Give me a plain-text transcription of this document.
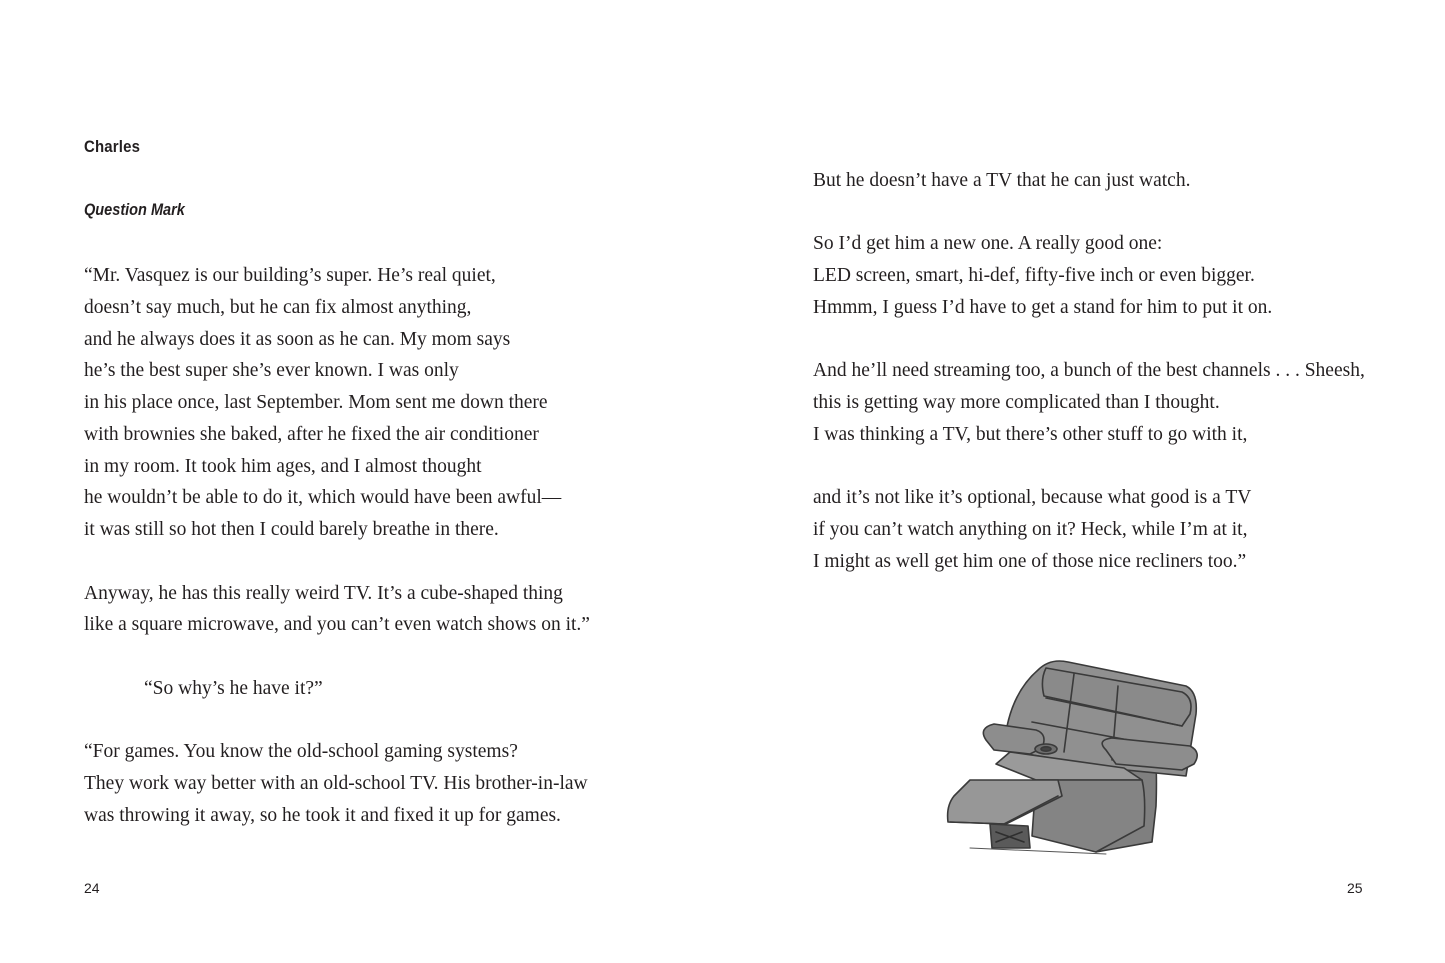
Charles
Question Mark
“Mr. Vasquez is our building’s super. He’s real quiet,
doesn’t say much, but he can fix almost anything,
and he always does it as soon as he can. My mom says
he’s the best super she’s ever known. I was only
in his place once, last September. Mom sent me down there
with brownies she baked, after he fixed the air conditioner
in my room. It took him ages, and I almost thought
he wouldn’t be able to do it, which would have been awful—
it was still so hot then I could barely breathe in there.
Anyway, he has this really weird TV. It’s a cube-shaped thing
like a square microwave, and you can’t even watch shows on it.”
“So why’s he have it?”
“For games. You know the old-school gaming systems?
They work way better with an old-school TV. His brother-in-law
was throwing it away, so he took it and fixed it up for games.
24
But he doesn’t have a TV that he can just watch.
So I’d get him a new one. A really good one:
LED screen, smart, hi-def, fifty-five inch or even bigger.
Hmmm, I guess I’d have to get a stand for him to put it on.
And he’ll need streaming too, a bunch of the best channels . . . Sheesh,
this is getting way more complicated than I thought.
I was thinking a TV, but there’s other stuff to go with it,
and it’s not like it’s optional, because what good is a TV
if you can’t watch anything on it? Heck, while I’m at it,
I might as well get him one of those nice recliners too.”
25
